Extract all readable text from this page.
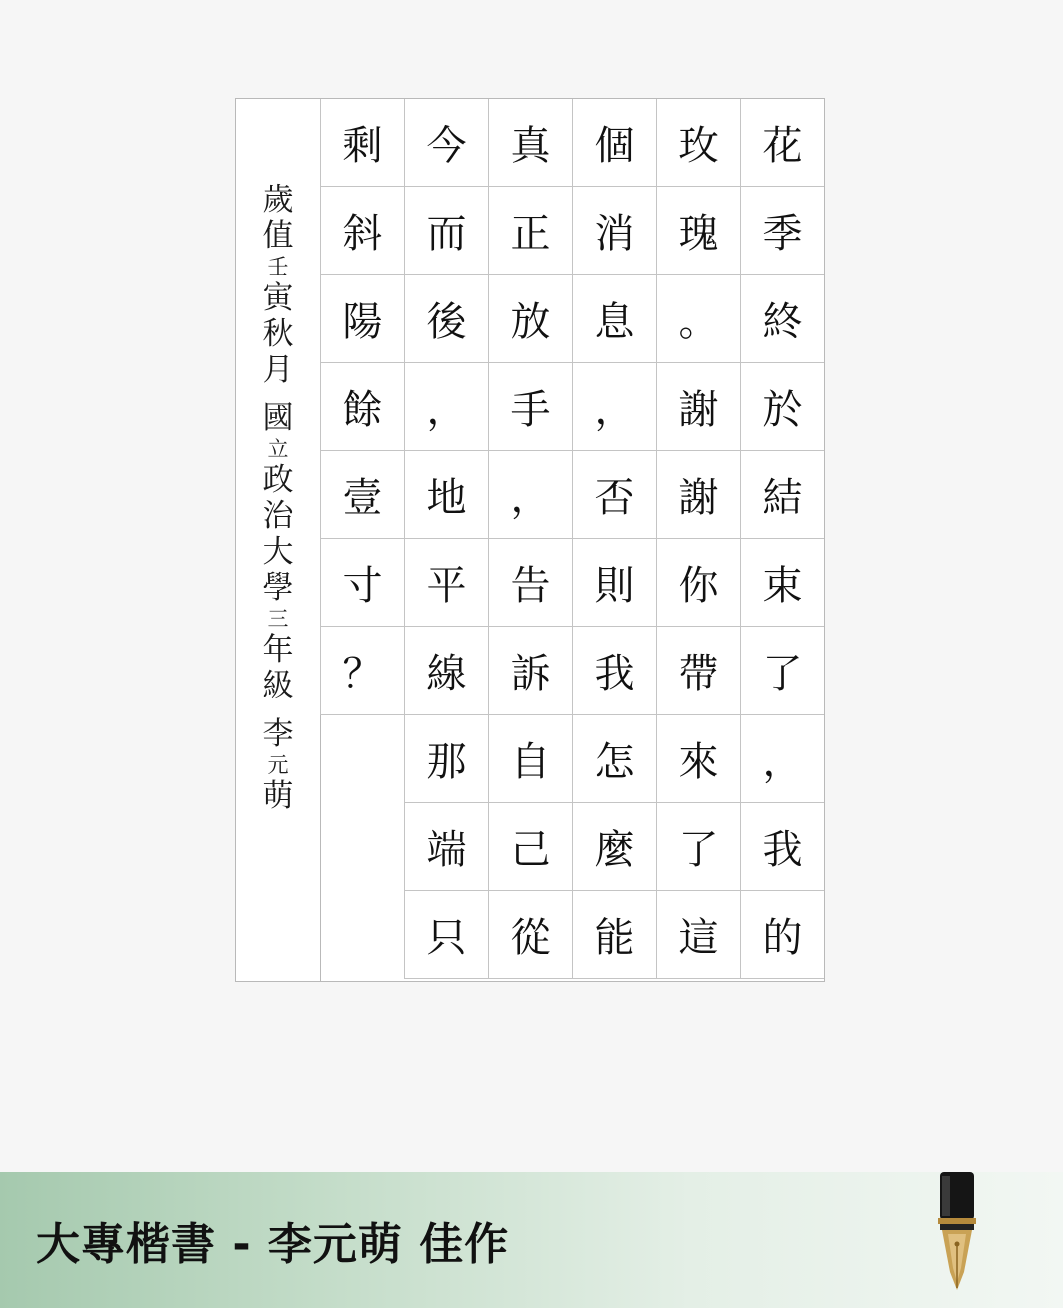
歲
值
壬
寅
秋
月
國
立
政
治
大
學
三
年
級
李
元
萌
花
季
終
於
結
束
了
，
我
的
玫
瑰
。
謝
謝
你
帶
來
了
這
個
消
息
，
否
則
我
怎
麼
能
真
正
放
手
，
告
訴
自
己
從
今
而
後
，
地
平
線
那
端
只
剩
斜
陽
餘
壹
寸
？
大專楷書 - 李元萌 佳作
